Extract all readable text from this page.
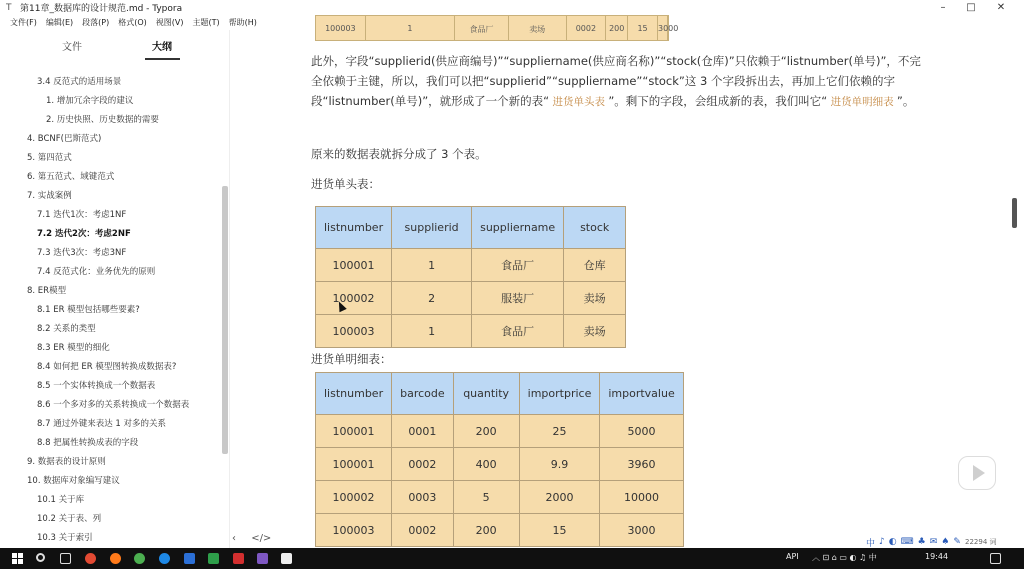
T 第11章_数据库的设计规范.md - Typora	–	□	✕
文件(F) 编辑(E) 段落(P) 格式(O) 视图(V) 主题(T) 帮助(H)
文件	大纲
3.4 反范式的适用场景
1. 增加冗余字段的建议
2. 历史快照、历史数据的需要
4. BCNF(巴斯范式)
5. 第四范式
6. 第五范式、域键范式
7. 实战案例
7.1 迭代1次：考虑1NF
7.2 迭代2次：考虑2NF
7.3 迭代3次：考虑3NF
7.4 反范式化：业务优先的原则
8. ER模型
8.1 ER 模型包括哪些要素?
8.2 关系的类型
8.3 ER 模型的细化
8.4 如何把 ER 模型图转换成数据表?
8.5 一个实体转换成一个数据表
8.6 一个多对多的关系转换成一个数据表
8.7 通过外键来表达 1 对多的关系
8.8 把属性转换成表的字段
9. 数据表的设计原则
10. 数据库对象编写建议
10.1 关于库
10.2 关于表、列
10.3 关于索引	‹ </>
100003	1	食品厂	卖场	0002	200	15	3000

此外，字段“supplierid(供应商编号)”“suppliername(供应商名称)”“stock(仓库)”只依赖于“listnumber(单号)”，不完全依赖于主键，所以，我们可以把“supplierid”“suppliername”“stock”这 3 个字段拆出去，再加上它们依赖的字段“listnumber(单号)”，就形成了一个新的表“ 进货单头表 ”。剩下的字段，会组成新的表，我们叫它“ 进货单明细表 ”。

原来的数据表就拆分成了 3 个表。

进货单头表：

listnumber	supplierid	suppliername	stock
100001	1	食品厂	仓库
100002	2	服装厂	卖场
100003	1	食品厂	卖场

进货单明细表：

listnumber	barcode	quantity	importprice	importvalue
100001	0001	200	25	5000
100001	0002	400	9.9	3960
100002	0003	5	2000	10000
100003	0002	200	15	3000
中 ♪ ◐ ⌨ ♣ ✉ ♠ ✎ 22294 词
API ︿ ⊡ ⌂ ▭ ◐ ♫ 中	19:44
